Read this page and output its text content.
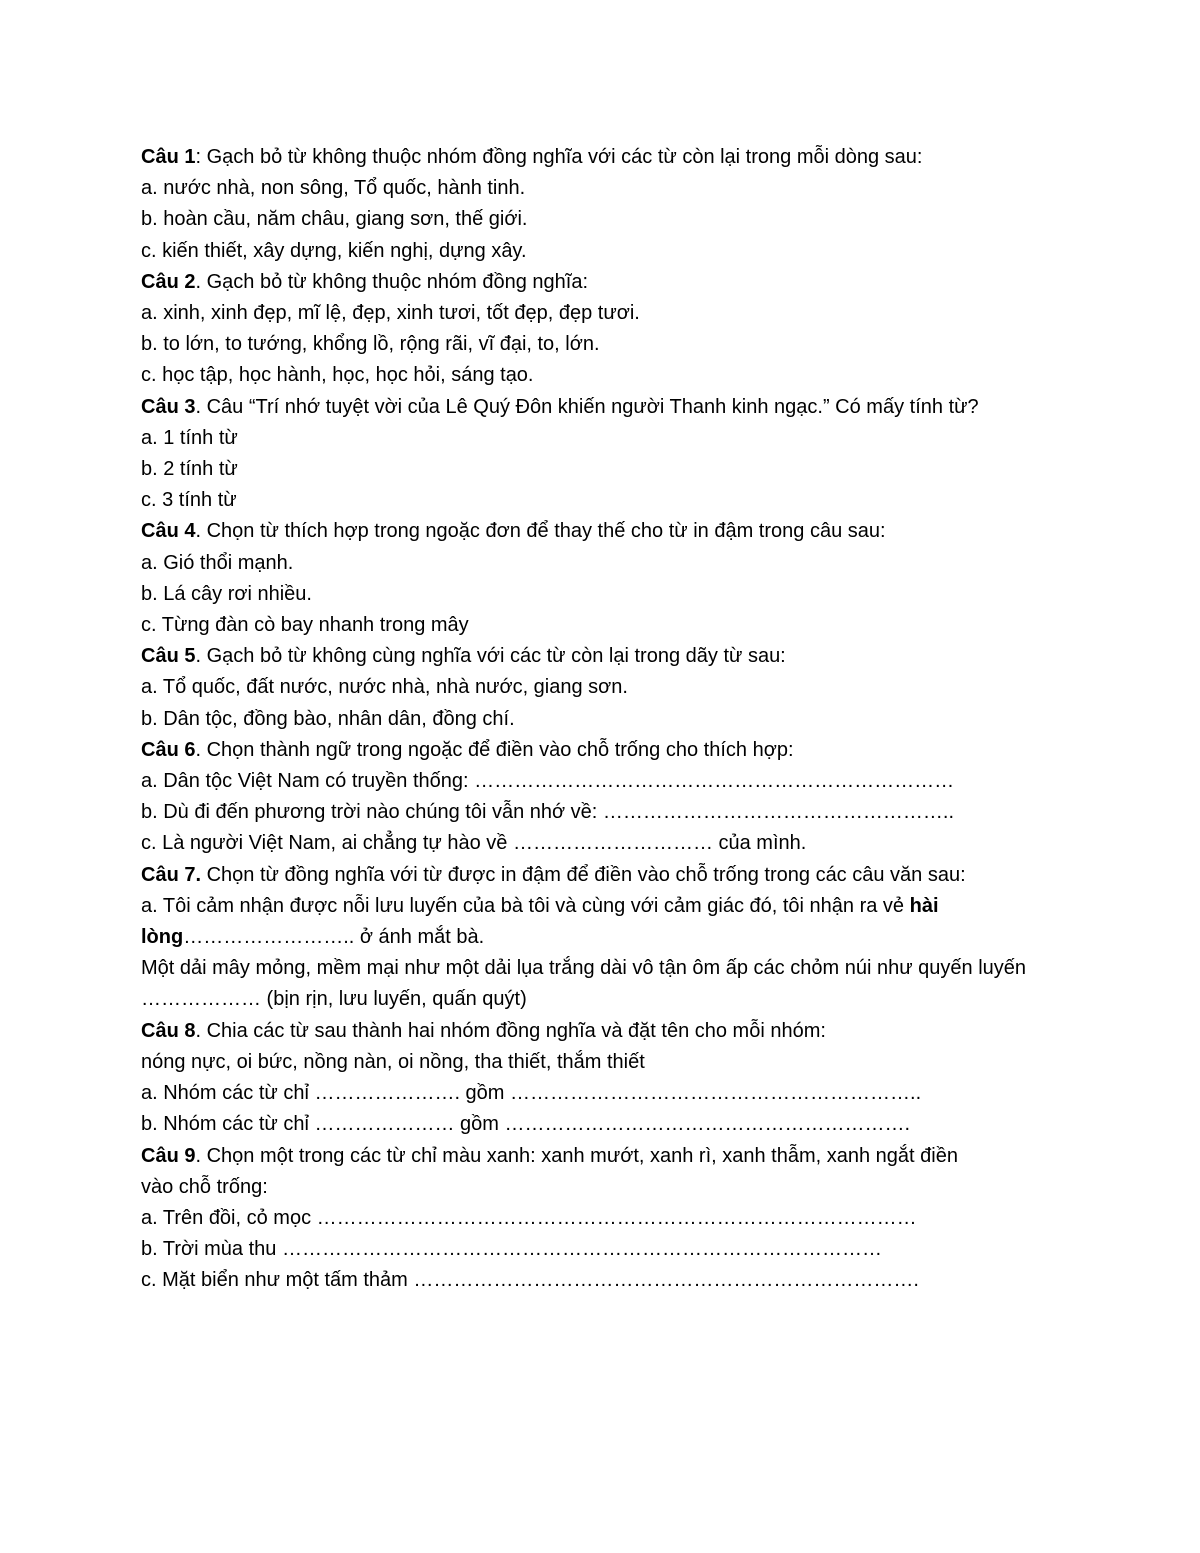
Câu 1: Gạch bỏ từ không thuộc nhóm đồng nghĩa với các từ còn lại trong mỗi dòng sau:
a. nước nhà, non sông, Tổ quốc, hành tinh.
b. hoàn cầu, năm châu, giang sơn, thế giới.
c. kiến thiết, xây dựng, kiến nghị, dựng xây.
Câu 2. Gạch bỏ từ không thuộc nhóm đồng nghĩa:
a. xinh, xinh đẹp, mĩ lệ, đẹp, xinh tươi, tốt đẹp, đẹp tươi.
b. to lớn, to tướng, khổng lồ, rộng rãi, vĩ đại, to, lớn.
c. học tập, học hành, học, học hỏi, sáng tạo.
Câu 3. Câu “Trí nhớ tuyệt vời của Lê Quý Đôn khiến người Thanh kinh ngạc.” Có mấy tính từ?
a. 1 tính từ
b. 2 tính từ
c. 3 tính từ
Câu 4. Chọn từ thích hợp trong ngoặc đơn để thay thế cho từ in đậm trong câu sau:
a. Gió thổi mạnh.
b. Lá cây rơi nhiều.
c. Từng đàn cò bay nhanh trong mây
Câu 5. Gạch bỏ từ không cùng nghĩa với các từ còn lại trong dãy từ sau:
a. Tổ quốc, đất nước, nước nhà, nhà nước, giang sơn.
b. Dân tộc, đồng bào, nhân dân, đồng chí.
Câu 6. Chọn thành ngữ trong ngoặc để điền vào chỗ trống cho thích hợp:
a. Dân tộc Việt Nam có truyền thống: ………………………………………………………………
b. Dù đi đến phương trời nào chúng tôi vẫn nhớ về: ……………………………………………..
c. Là người Việt Nam, ai chẳng tự hào về ………………………… của mình.
Câu 7. Chọn từ đồng nghĩa với từ được in đậm để điền vào chỗ trống trong các câu văn sau:
a. Tôi cảm nhận được nỗi lưu luyến của bà tôi và cùng với cảm giác đó, tôi nhận ra vẻ hài lòng…………………….. ở ánh mắt bà.
Một dải mây mỏng, mềm mại như một dải lụa trắng dài vô tận ôm ấp các chỏm núi như quyến luyến ……………… (bịn rịn, lưu luyến, quấn quýt)
Câu 8. Chia các từ sau thành hai nhóm đồng nghĩa và đặt tên cho mỗi nhóm:
nóng nực, oi bức, nồng nàn, oi nồng, tha thiết, thắm thiết
a. Nhóm các từ chỉ …………………. gồm ……………………………………………………..
b. Nhóm các từ chỉ ………………… gồm …………………………………………………….
Câu 9. Chọn một trong các từ chỉ màu xanh: xanh mướt, xanh rì, xanh thẫm, xanh ngắt điền
vào chỗ trống:
a. Trên đồi, cỏ mọc ………………………………………………………………………………
b. Trời mùa thu ………………………………………………………………………………
c. Mặt biển như một tấm thảm ………………………………………………………………….
